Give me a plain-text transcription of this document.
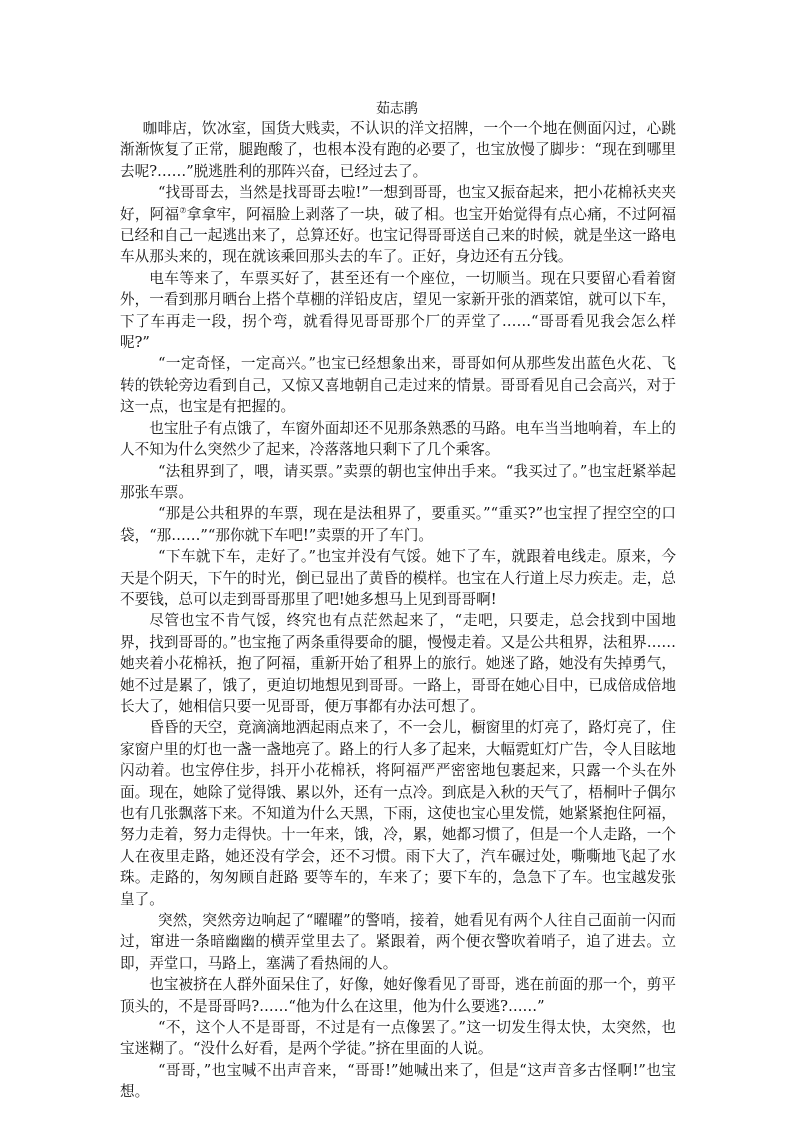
茹志鹃

咖啡店，饮冰室，国货大贱卖，不认识的洋文招牌，一个一个地在侧面闪过，心跳渐渐恢复了正常，腿跑酸了，也根本没有跑的必要了，也宝放慢了脚步：“现在到哪里去呢?……”脱逃胜利的那阵兴奋，已经过去了。

“找哥哥去，当然是找哥哥去啦!”一想到哥哥，也宝又振奋起来，把小花棉袄夹夹好，阿福⑦拿拿牢，阿福脸上剥落了一块，破了相。也宝开始觉得有点心痛，不过阿福已经和自己一起逃出来了，总算还好。也宝记得哥哥送自己来的时候，就是坐这一路电车从那头来的，现在就该乘回那头去的车了。正好，身边还有五分钱。

电车等来了，车票买好了，甚至还有一个座位，一切顺当。现在只要留心看着窗外，一看到那月晒台上搭个草棚的洋铅皮店，望见一家新开张的酒菜馆，就可以下车，下了车再走一段，拐个弯，就看得见哥哥那个厂的弄堂了……“哥哥看见我会怎么样呢?”

“一定奇怪，一定高兴。”也宝已经想象出来，哥哥如何从那些发出蓝色火花、飞转的铁轮旁边看到自己，又惊又喜地朝自己走过来的情景。哥哥看见自己会高兴，对于这一点，也宝是有把握的。

也宝肚子有点饿了，车窗外面却还不见那条熟悉的马路。电车当当地响着，车上的人不知为什么突然少了起来，冷落落地只剩下了几个乘客。

“法租界到了，喂，请买票。”卖票的朝也宝伸出手来。“我买过了。”也宝赶紧举起那张车票。

“那是公共租界的车票，现在是法租界了，要重买。”“重买?”也宝捏了捏空空的口袋，“那……”“那你就下车吧!”卖票的开了车门。

“下车就下车，走好了。”也宝并没有气馁。她下了车，就跟着电线走。原来，今天是个阴天，下午的时光，倒已显出了黄昏的模样。也宝在人行道上尽力疾走。走，总不要钱，总可以走到哥哥那里了吧!她多想马上见到哥哥啊!

尽管也宝不肯气馁，终究也有点茫然起来了，“走吧，只要走，总会找到中国地界，找到哥哥的。”也宝拖了两条重得要命的腿，慢慢走着。又是公共租界，法租界……她夹着小花棉袄，抱了阿福，重新开始了租界上的旅行。她迷了路，她没有失掉勇气，她不过是累了，饿了，更迫切地想见到哥哥。一路上，哥哥在她心目中，已成倍成倍地长大了，她相信只要一见哥哥，便万事都有办法可想了。

昏昏的天空，竟滴滴地洒起雨点来了，不一会儿，橱窗里的灯亮了，路灯亮了，住家窗户里的灯也一盏一盏地亮了。路上的行人多了起来，大幅霓虹灯广告，令人目眩地闪动着。也宝停住步，抖开小花棉袄，将阿福严严密密地包裹起来，只露一个头在外面。现在，她除了觉得饿、累以外，还有一点冷。到底是入秋的天气了，梧桐叶子偶尔也有几张飘落下来。不知道为什么天黑，下雨，这使也宝心里发慌，她紧紧抱住阿福，努力走着，努力走得快。十一年来，饿，冷，累，她都习惯了，但是一个人走路，一个人在夜里走路，她还没有学会，还不习惯。雨下大了，汽车碾过处，嘶嘶地飞起了水珠。走路的，匆匆顾自赶路 要等车的，车来了；要下车的，急急下了车。也宝越发张皇了。

突然，突然旁边响起了“曜曜”的警哨，接着，她看见有两个人往自己面前一闪而过，窜进一条暗幽幽的横弄堂里去了。紧跟着，两个便衣警吹着哨子，追了进去。立即，弄堂口，马路上，塞满了看热闹的人。

也宝被挤在人群外面呆住了，好像，她好像看见了哥哥，逃在前面的那一个，剪平顶头的，不是哥哥吗?……“他为什么在这里，他为什么要逃?……”

“不，这个人不是哥哥，不过是有一点像罢了。”这一切发生得太快，太突然，也宝迷糊了。“没什么好看，是两个学徒。”挤在里面的人说。

“哥哥，”也宝喊不出声音来，“哥哥!”她喊出来了，但是“这声音多古怪啊!”也宝想。
